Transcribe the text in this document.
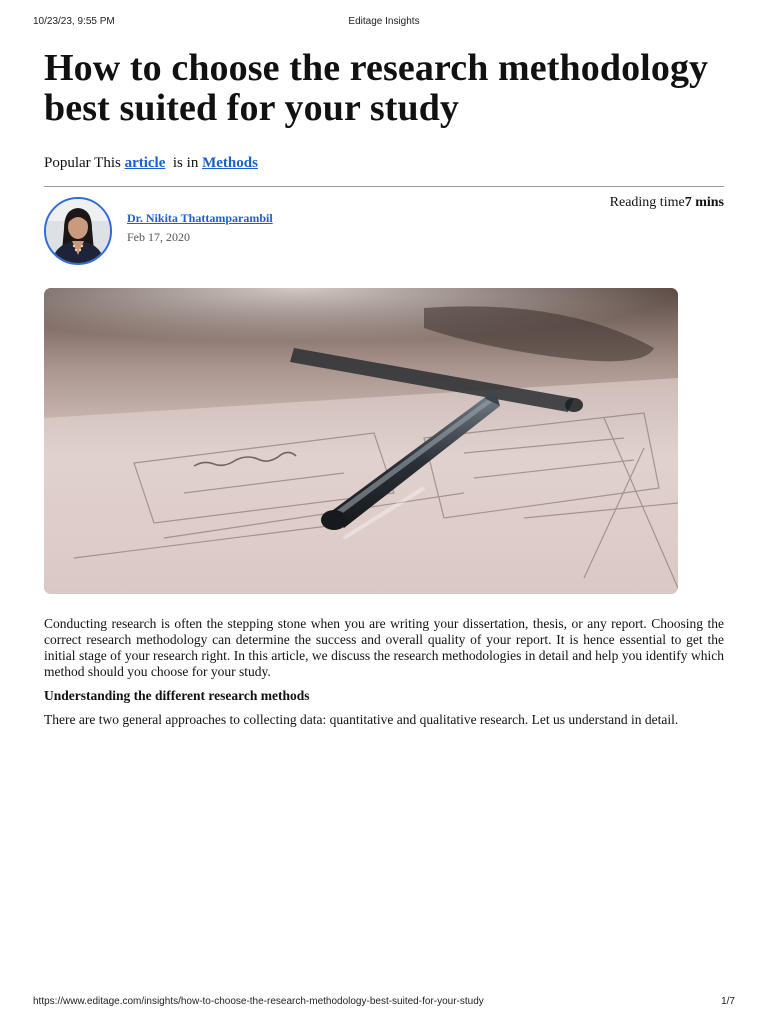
10/23/23, 9:55 PM	Editage Insights
How to choose the research methodology best suited for your study
Popular This article is in Methods
Dr. Nikita Thattamparambil
Feb 17, 2020
Reading time7 mins

Conducting research is often the stepping stone when you are writing your dissertation, thesis, or any report. Choosing the correct research methodology can determine the success and overall quality of your report. It is hence essential to get the initial stage of your research right. In this article, we discuss the research methodologies in detail and help you identify which method should you choose for your study.

Understanding the different research methods

There are two general approaches to collecting data: quantitative and qualitative research. Let us understand in detail.

https://www.editage.com/insights/how-to-choose-the-research-methodology-best-suited-for-your-study	1/7
